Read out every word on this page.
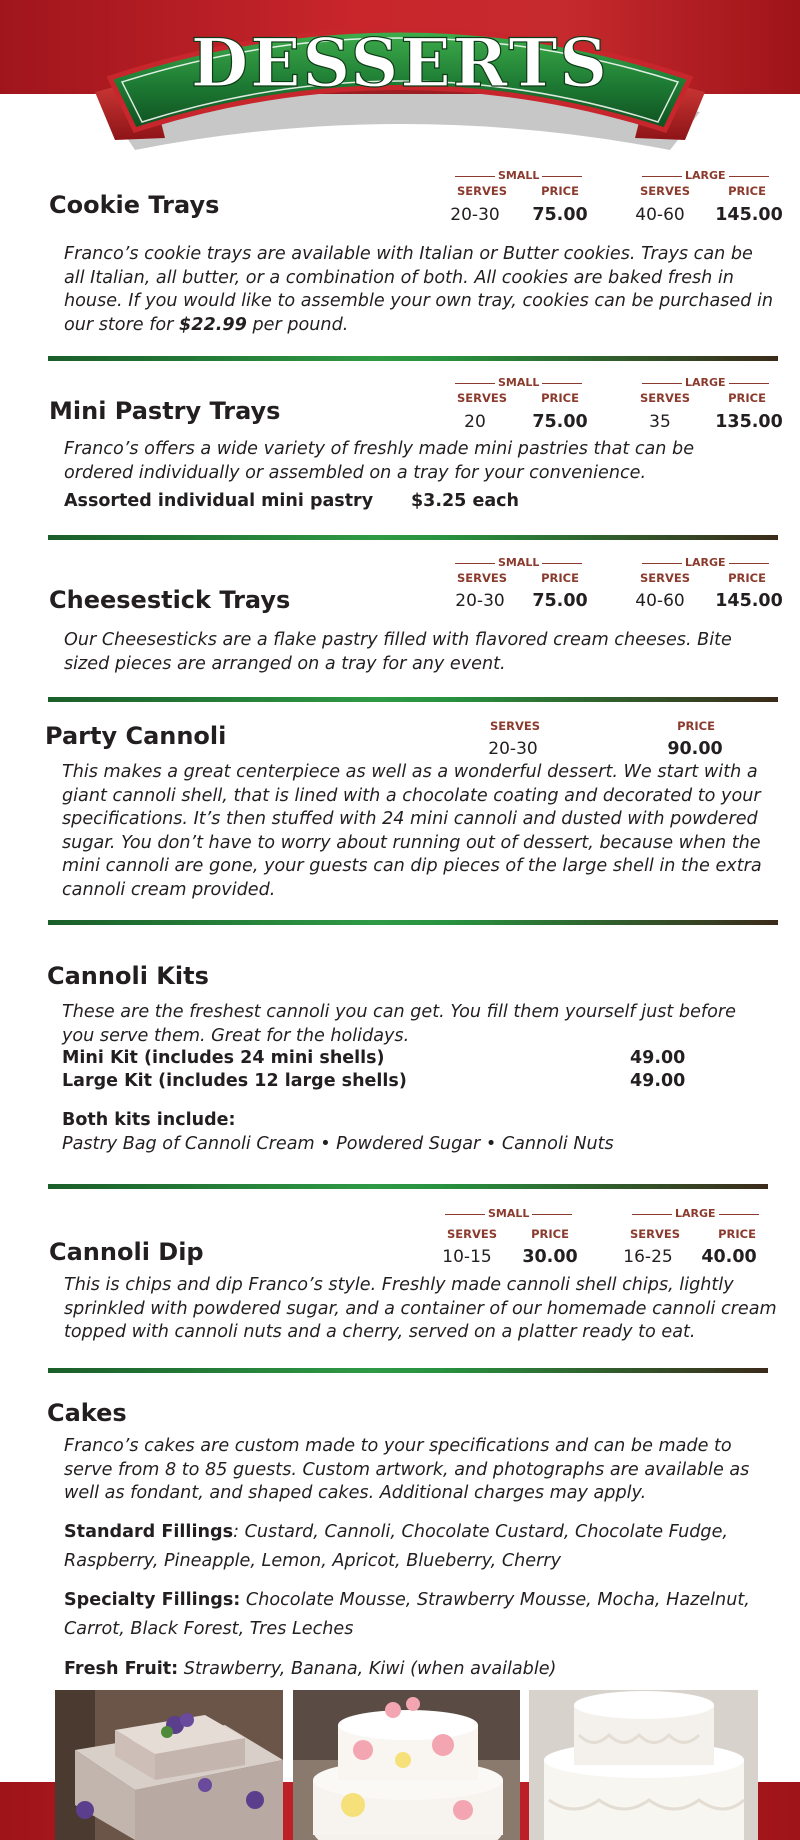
DESSERTS
SMALL	LARGE
SERVES	PRICE	SERVES	PRICE
Cookie Trays	20-30	75.00	40-60	145.00
Franco’s cookie trays are available with Italian or Butter cookies. Trays can be all Italian, all butter, or a combination of both. All cookies are baked fresh in house. If you would like to assemble your own tray, cookies can be purchased in our store for $22.99 per pound.
SMALL	LARGE
SERVES	PRICE	SERVES	PRICE
Mini Pastry Trays	20	75.00	35	135.00
Franco’s offers a wide variety of freshly made mini pastries that can be ordered individually or assembled on a tray for your convenience.
Assorted individual mini pastry $3.25 each
SMALL	LARGE
SERVES	PRICE	SERVES	PRICE
Cheesestick Trays	20-30	75.00	40-60	145.00
Our Cheesesticks are a flake pastry filled with flavored cream cheeses. Bite sized pieces are arranged on a tray for any event.
SERVES	PRICE
Party Cannoli	20-30	90.00
This makes a great centerpiece as well as a wonderful dessert. We start with a giant cannoli shell, that is lined with a chocolate coating and decorated to your specifications. It’s then stuffed with 24 mini cannoli and dusted with powdered sugar. You don’t have to worry about running out of dessert, because when the mini cannoli are gone, your guests can dip pieces of the large shell in the extra cannoli cream provided.
Cannoli Kits
These are the freshest cannoli you can get. You fill them yourself just before you serve them. Great for the holidays.
Mini Kit (includes 24 mini shells)	49.00
Large Kit (includes 12 large shells)	49.00
Both kits include:
Pastry Bag of Cannoli Cream • Powdered Sugar • Cannoli Nuts
SMALL	LARGE
SERVES	PRICE	SERVES	PRICE
Cannoli Dip	10-15	30.00	16-25	40.00
This is chips and dip Franco’s style. Freshly made cannoli shell chips, lightly sprinkled with powdered sugar, and a container of our homemade cannoli cream topped with cannoli nuts and a cherry, served on a platter ready to eat.
Cakes
Franco’s cakes are custom made to your specifications and can be made to serve from 8 to 85 guests. Custom artwork, and photographs are available as well as fondant, and shaped cakes. Additional charges may apply.
Standard Fillings: Custard, Cannoli, Chocolate Custard, Chocolate Fudge, Raspberry, Pineapple, Lemon, Apricot, Blueberry, Cherry
Specialty Fillings: Chocolate Mousse, Strawberry Mousse, Mocha, Hazelnut, Carrot, Black Forest, Tres Leches
Fresh Fruit: Strawberry, Banana, Kiwi (when available)
